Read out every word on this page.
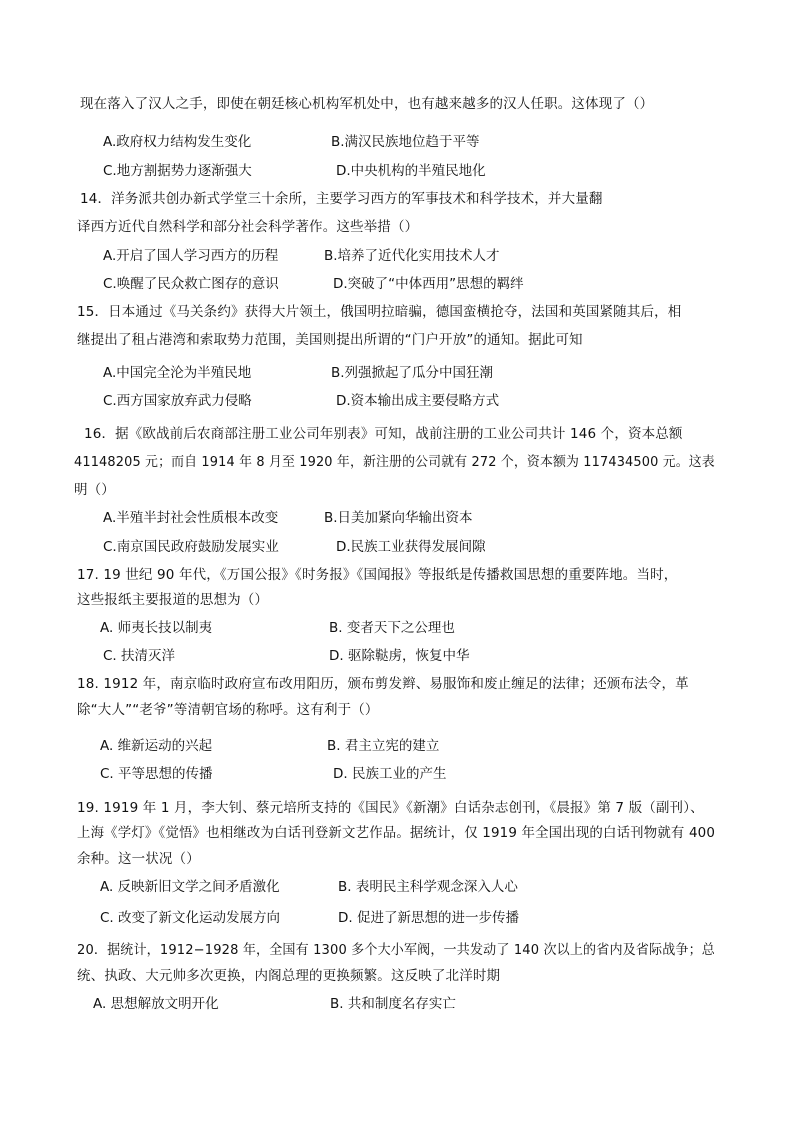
现在落入了汉人之手，即使在朝廷核心机构军机处中，也有越来越多的汉人任职。这体现了（）
A.政府权力结构发生变化	B.满汉民族地位趋于平等
C.地方割据势力逐渐强大	D.中央机构的半殖民地化
14．洋务派共创办新式学堂三十余所，主要学习西方的军事技术和科学技术，并大量翻
译西方近代自然科学和部分社会科学著作。这些举措（）
A.开启了国人学习西方的历程	B.培养了近代化实用技术人才
C.唤醒了民众救亡图存的意识	D.突破了“中体西用”思想的羁绊
15．日本通过《马关条约》获得大片领土，俄国明拉暗骗，德国蛮横抢夺，法国和英国紧随其后，相
继提出了租占港湾和索取势力范围，美国则提出所谓的“门户开放”的通知。据此可知
A.中国完全沦为半殖民地	B.列强掀起了瓜分中国狂潮
C.西方国家放弃武力侵略	D.资本输出成主要侵略方式
16．据《欧战前后农商部注册工业公司年别表》可知，战前注册的工业公司共计 146 个，资本总额
41148205 元；而自 1914 年 8 月至 1920 年，新注册的公司就有 272 个，资本额为 117434500 元。这表
明（）
A.半殖半封社会性质根本改变	B.日美加紧向华输出资本
C.南京国民政府鼓励发展实业	D.民族工业获得发展间隙
17. 19 世纪 90 年代，《万国公报》《时务报》《国闻报》等报纸是传播救国思想的重要阵地。当时，
这些报纸主要报道的思想为（）
A. 师夷长技以制夷	B. 变者天下之公理也
C. 扶清灭洋	D. 驱除鞑虏，恢复中华
18. 1912 年，南京临时政府宣布改用阳历，颁布剪发辫、易服饰和废止缠足的法律；还颁布法令，革
除“大人”“老爷”等清朝官场的称呼。这有利于（）
A. 维新运动的兴起	B. 君主立宪的建立
C. 平等思想的传播	D. 民族工业的产生
19. 1919 年 1 月，李大钊、蔡元培所支持的《国民》《新潮》白话杂志创刊，《晨报》第 7 版（副刊）、
上海《学灯》《觉悟》也相继改为白话刊登新文艺作品。据统计，仅 1919 年全国出现的白话刊物就有 400
余种。这一状况（）
A. 反映新旧文学之间矛盾激化	B. 表明民主科学观念深入人心
C. 改变了新文化运动发展方向	D. 促进了新思想的进一步传播
20．据统计，1912−1928 年，全国有 1300 多个大小军阀，一共发动了 140 次以上的省内及省际战争；总
统、执政、大元帅多次更换，内阁总理的更换频繁。这反映了北洋时期
A. 思想解放文明开化	B. 共和制度名存实亡
